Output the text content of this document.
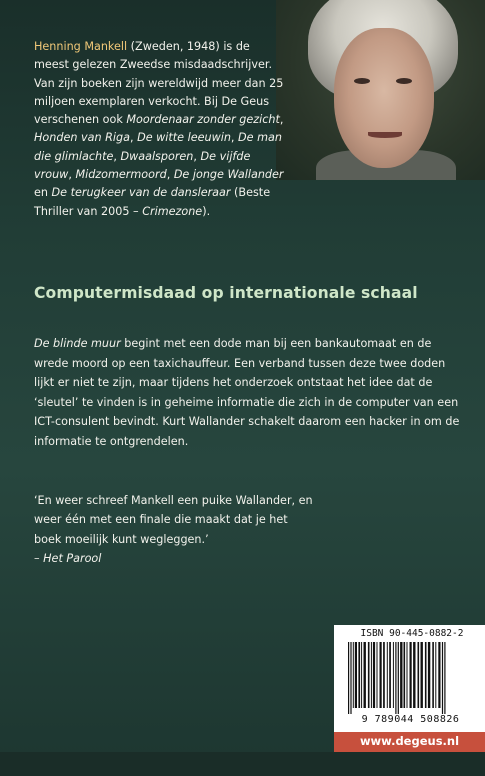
Henning Mankell (Zweden, 1948) is de meest gelezen Zweedse misdaadschrijver. Van zijn boeken zijn wereldwijd meer dan 25 miljoen exemplaren verkocht. Bij De Geus verschenen ook Moordenaar zonder gezicht, Honden van Riga, De witte leeuwin, De man die glimlachte, Dwaalsporen, De vijfde vrouw, Midzomermoord, De jonge Wallander en De terugkeer van de dansleraar (Beste Thriller van 2005 – Crimezone).

Computermisdaad op internationale schaal

De blinde muur begint met een dode man bij een bankautomaat en de wrede moord op een taxichauffeur. Een verband tussen deze twee doden lijkt er niet te zijn, maar tijdens het onderzoek ontstaat het idee dat de ‘sleutel’ te vinden is in geheime informatie die zich in de computer van een ICT-consulent bevindt. Kurt Wallander schakelt daarom een hacker in om de informatie te ontgrendelen.

‘En weer schreef Mankell een puike Wallander, en weer één met een finale die maakt dat je het boek moeilijk kunt wegleggen.’
– Het Parool

ISBN 90-445-0882-2
9 789044 508826
www.degeus.nl
